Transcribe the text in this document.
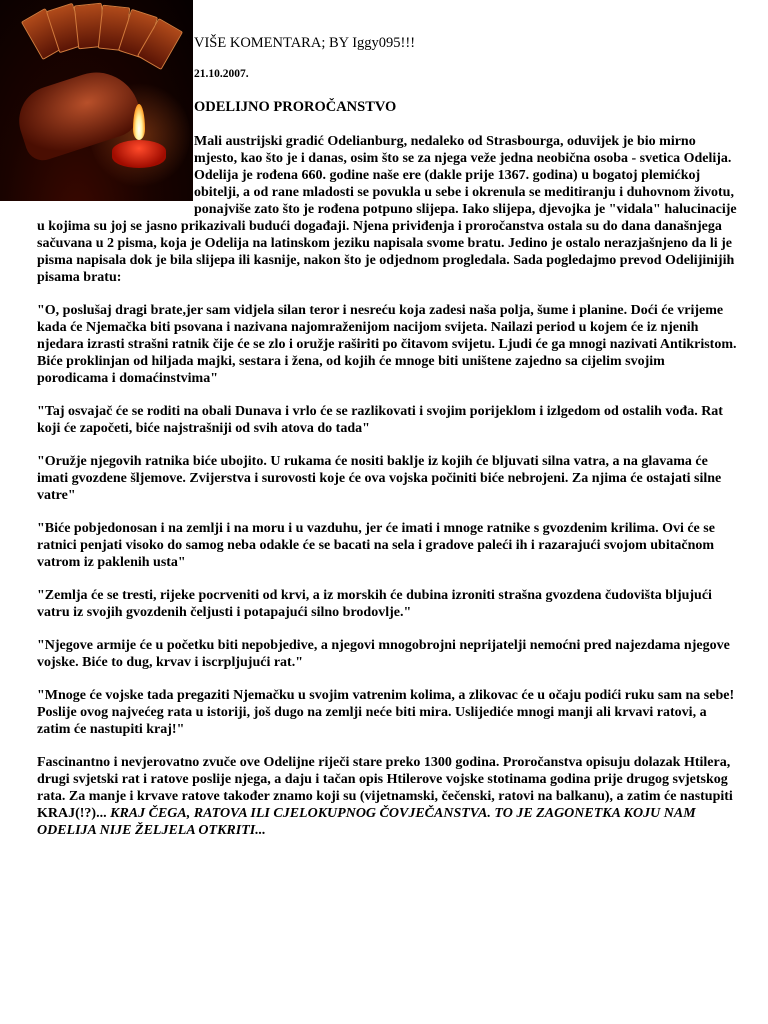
VIŠE KOMENTARA; BY Iggy095!!!
21.10.2007.
ODELIJNO PROROČANSTVO

Mali austrijski gradić Odelianburg, nedaleko od Strasbourga, oduvijek je bio mirno mjesto, kao što je i danas, osim što se za njega veže jedna neobična osoba - svetica Odelija. Odelija je rođena 660. godine naše ere (dakle prije 1367. godina) u bogatoj plemićkoj obitelji, a od rane mladosti se povukla u sebe i okrenula se meditiranju i duhovnom životu, ponajviše zato što je rođena potpuno slijepa. Iako slijepa, djevojka je "vidala" halucinacije u kojima su joj se jasno prikazivali budući događaji. Njena priviđenja i proročanstva ostala su do dana današnjega sačuvana u 2 pisma, koja je Odelija na latinskom jeziku napisala svome bratu. Jedino je ostalo nerazjašnjeno da li je pisma napisala dok je bila slijepa ili kasnije, nakon što je odjednom progledala. Sada pogledajmo prevod Odelijinijih pisama bratu:

"O, poslušaj dragi brate,jer sam vidjela silan teror i nesreću koja zadesi naša polja, šume i planine. Doći će vrijeme kada će Njemačka biti psovana i nazivana najomraženijom nacijom svijeta. Nailazi period u kojem će iz njenih njedara izrasti strašni ratnik čije će se zlo i oružje raširiti po čitavom svijetu. Ljudi će ga mnogi nazivati Antikristom. Biće proklinjan od hiljada majki, sestara i žena, od kojih će mnoge biti uništene zajedno sa cijelim svojim porodicama i domaćinstvima"

"Taj osvajač će se roditi na obali Dunava i vrlo će se razlikovati i svojim porijeklom i izlgedom od ostalih vođa. Rat koji će započeti, biće najstrašniji od svih atova do tada"

"Oružje njegovih ratnika biće ubojito. U rukama će nositi baklje iz kojih će bljuvati silna vatra, a na glavama će imati gvozdene šljemove. Zvijerstva i surovosti koje će ova vojska počiniti biće nebrojeni. Za njima će ostajati silne vatre"

"Biće pobjedonosan i na zemlji i na moru i u vazduhu, jer će imati i mnoge ratnike s gvozdenim krilima. Ovi će se ratnici penjati visoko do samog neba odakle će se bacati na sela i gradove paleći ih i razarajući svojom ubitačnom vatrom iz paklenih usta"

"Zemlja će se tresti, rijeke pocrveniti od krvi, a iz morskih će dubina izroniti strašna gvozdena čudovišta bljujući vatru iz svojih gvozdenih čeljusti i potapajući silno brodovlje."

"Njegove armije će u početku biti nepobjedive, a njegovi mnogobrojni neprijatelji nemoćni pred najezdama njegove vojske. Biće to dug, krvav i iscrpljujući rat."

"Mnoge će vojske tada pregaziti Njemačku u svojim vatrenim kolima, a zlikovac će u očaju podići ruku sam na sebe! Poslije ovog najvećeg rata u istoriji, još dugo na zemlji neće biti mira. Uslijediće mnogi manji ali krvavi ratovi, a zatim će nastupiti kraj!"

Fascinantno i nevjerovatno zvuče ove Odelijne riječi stare preko 1300 godina. Proročanstva opisuju dolazak Htilera, drugi svjetski rat i ratove poslije njega, a daju i tačan opis Htilerove vojske stotinama godina prije drugog svjetskog rata. Za manje i krvave ratove također znamo koji su (vijetnamski, čečenski, ratovi na balkanu), a zatim će nastupiti KRAJ(!?)... KRAJ ČEGA, RATOVA ILI CJELOKUPNOG ČOVJEČANSTVA. TO JE ZAGONETKA KOJU NAM ODELIJA NIJE ŽELJELA OTKRITI...
